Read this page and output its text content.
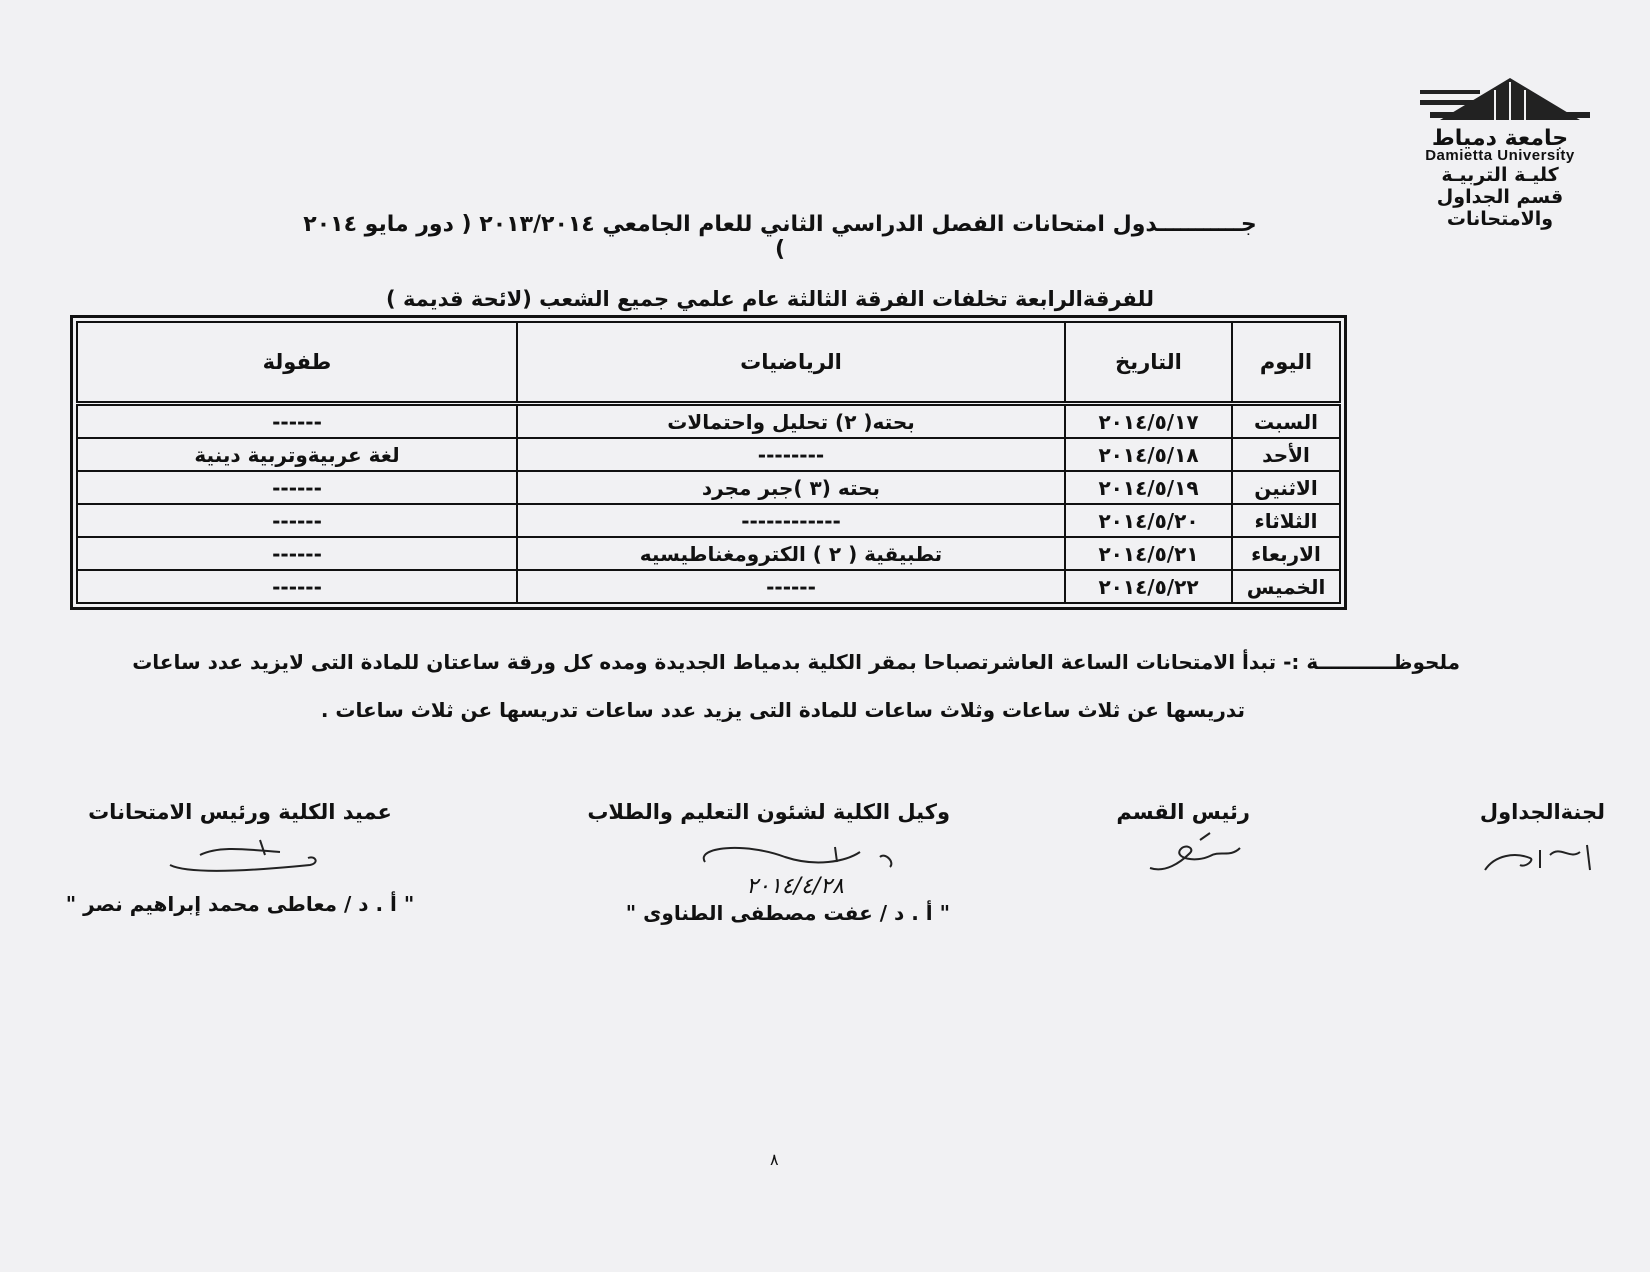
جامعة دمياط
Damietta University
كليـة التربيـة
قسم الجداول والامتحانات
جـــــــــــدول امتحانات الفصل الدراسي الثاني للعام الجامعي ٢٠١٣/٢٠١٤ ( دور مايو ٢٠١٤ )
للفرقةالرابعة تخلفات الفرقة الثالثة عام علمي جميع الشعب (لائحة قديمة )
اليوم	التاريخ	الرياضيات	طفولة
السبت	٢٠١٤/٥/١٧	بحته( ٢) تحليل واحتمالات	------
الأحد	٢٠١٤/٥/١٨	--------	لغة عربيةوتربية دينية
الاثنين	٢٠١٤/٥/١٩	بحته (٣ )جبر مجرد	------
الثلاثاء	٢٠١٤/٥/٢٠	------------	------
الاربعاء	٢٠١٤/٥/٢١	تطبيقية ( ٢ ) الكترومغناطيسيه	------
الخميس	٢٠١٤/٥/٢٢	------	------
ملحوظـــــــــــة :- تبدأ الامتحانات الساعة العاشرتصباحا بمقر الكلية بدمياط الجديدة ومده كل ورقة ساعتان للمادة التى لايزيد عدد ساعات
تدريسها عن ثلاث ساعات وثلاث ساعات للمادة التى يزيد عدد ساعات تدريسها عن ثلاث ساعات .
لجنةالجداول
رئيس القسم
وكيل الكلية لشئون التعليم والطلاب
٢٠١٤/٤/٢٨
" أ . د / عفت مصطفى الطناوى "
عميد الكلية ورئيس الامتحانات
" أ . د / معاطى محمد إبراهيم نصر "
٨
